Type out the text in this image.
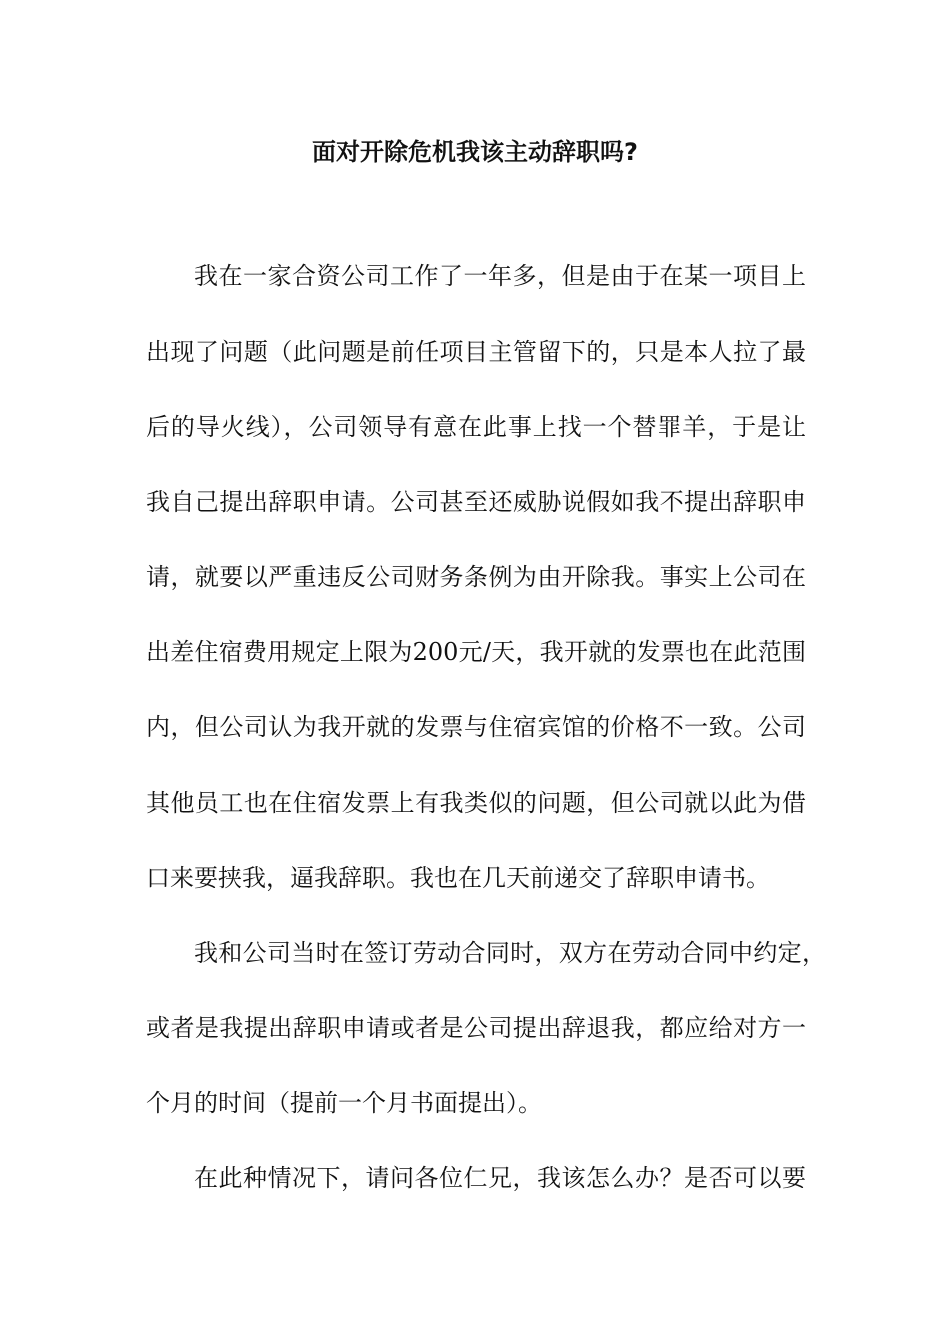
面对开除危机我该主动辞职吗?
我在一家合资公司工作了一年多，但是由于在某一项目上
出现了问题（此问题是前任项目主管留下的，只是本人拉了最
后的导火线），公司领导有意在此事上找一个替罪羊，于是让
我自己提出辞职申请。公司甚至还威胁说假如我不提出辞职申
请，就要以严重违反公司财务条例为由开除我。事实上公司在
出差住宿费用规定上限为200元/天，我开就的发票也在此范围
内，但公司认为我开就的发票与住宿宾馆的价格不一致。公司
其他员工也在住宿发票上有我类似的问题，但公司就以此为借
口来要挟我，逼我辞职。我也在几天前递交了辞职申请书。
我和公司当时在签订劳动合同时，双方在劳动合同中约定，
或者是我提出辞职申请或者是公司提出辞退我，都应给对方一
个月的时间（提前一个月书面提出）。
在此种情况下，请问各位仁兄，我该怎么办？是否可以要
